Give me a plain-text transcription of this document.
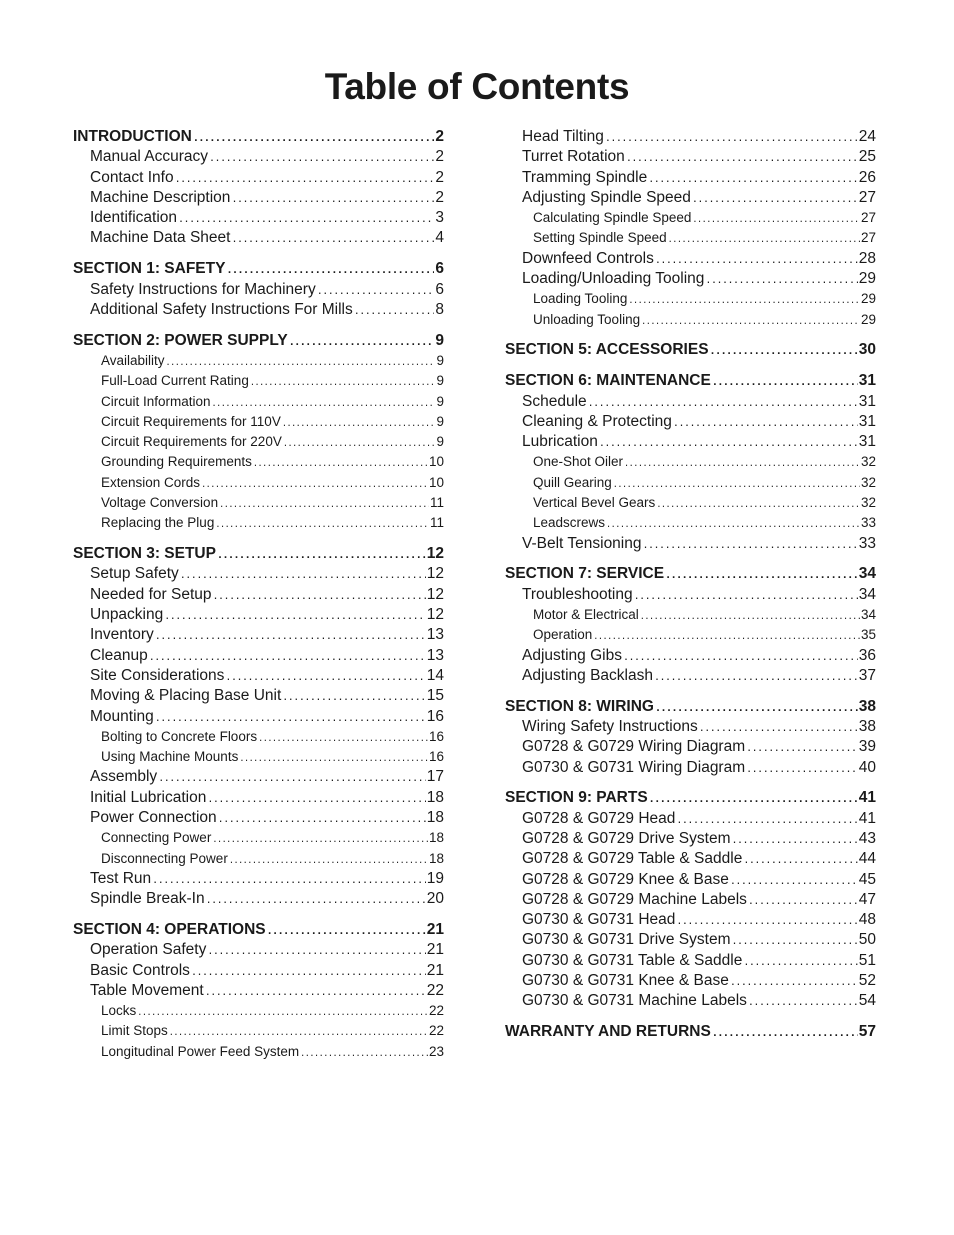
Table of Contents
INTRODUCTION .....	2
Manual Accuracy .....	2
Contact Info .....	2
Machine Description .....	2
Identification .....	3
Machine Data Sheet .....	4
SECTION 1: SAFETY .....	6
Safety Instructions for Machinery .....	6
Additional Safety Instructions For Mills .....	8
SECTION 2: POWER SUPPLY .....	9
Availability .....	9
Full-Load Current Rating .....	9
Circuit Information .....	9
Circuit Requirements for 110V .....	9
Circuit Requirements for 220V .....	9
Grounding Requirements .....	10
Extension Cords .....	10
Voltage Conversion .....	11
Replacing the Plug .....	11
SECTION 3: SETUP .....	12
Setup Safety .....	12
Needed for Setup .....	12
Unpacking .....	12
Inventory .....	13
Cleanup .....	13
Site Considerations .....	14
Moving & Placing Base Unit .....	15
Mounting .....	16
Bolting to Concrete Floors .....	16
Using Machine Mounts .....	16
Assembly .....	17
Initial Lubrication .....	18
Power Connection .....	18
Connecting Power .....	18
Disconnecting Power .....	18
Test Run .....	19
Spindle Break-In .....	20
SECTION 4: OPERATIONS .....	21
Operation Safety .....	21
Basic Controls .....	21
Table Movement .....	22
Locks .....	22
Limit Stops .....	22
Longitudinal Power Feed System .....	23
Head Tilting .....	24
Turret Rotation .....	25
Tramming Spindle .....	26
Adjusting Spindle Speed .....	27
Calculating Spindle Speed .....	27
Setting Spindle Speed .....	27
Downfeed Controls .....	28
Loading/Unloading Tooling .....	29
Loading Tooling .....	29
Unloading Tooling .....	29
SECTION 5: ACCESSORIES .....	30
SECTION 6: MAINTENANCE .....	31
Schedule .....	31
Cleaning & Protecting .....	31
Lubrication .....	31
One-Shot Oiler .....	32
Quill Gearing .....	32
Vertical Bevel Gears .....	32
Leadscrews .....	33
V-Belt Tensioning .....	33
SECTION 7: SERVICE .....	34
Troubleshooting .....	34
Motor & Electrical .....	34
Operation .....	35
Adjusting Gibs .....	36
Adjusting Backlash .....	37
SECTION 8: WIRING .....	38
Wiring Safety Instructions .....	38
G0728 & G0729 Wiring Diagram .....	39
G0730 & G0731 Wiring Diagram .....	40
SECTION 9: PARTS .....	41
G0728 & G0729 Head .....	41
G0728 & G0729 Drive System .....	43
G0728 & G0729 Table & Saddle .....	44
G0728 & G0729 Knee & Base .....	45
G0728 & G0729 Machine Labels .....	47
G0730 & G0731 Head .....	48
G0730 & G0731 Drive System .....	50
G0730 & G0731 Table & Saddle .....	51
G0730 & G0731 Knee & Base .....	52
G0730 & G0731 Machine Labels .....	54
WARRANTY AND RETURNS .....	57
